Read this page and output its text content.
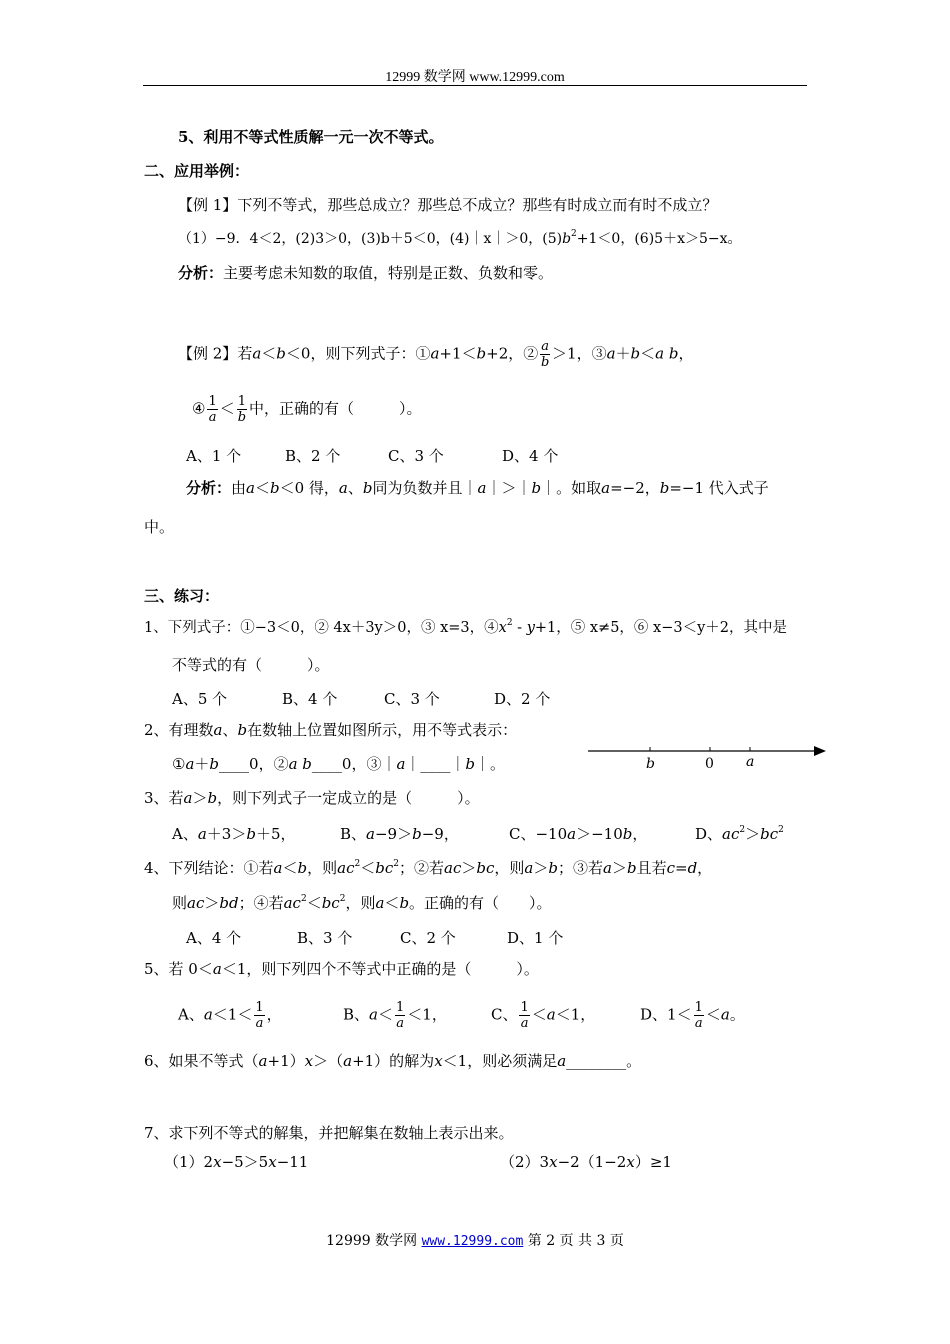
12999 数学网 www.12999.com
5、利用不等式性质解一元一次不等式。
二、应用举例：
【例 1】下列不等式，那些总成立？那些总不成立？那些有时成立而有时不成立？
（1）−9．4＜2，(2)3＞0，(3)b＋5＜0，(4)｜x｜＞0，$(5)b^2+1<0$，(6)5＋x＞5−x。
分析：主要考虑未知数的取值，特别是正数、负数和零。
【例 2】若a＜b＜0，则下列式子：①a+1＜b+2，② $\frac{a}{b} >1$，③a＋b＜a b，
④ $\frac{1}{a} < \frac{1}{b}$ 中，正确的有（　　　）。
A、1 个	B、2 个	C、3 个	D、4 个
分析：由a＜b＜0 得，a、b同为负数并且｜a｜＞｜b｜。如取a=−2，b=−1 代入式子
中。
三、练习：
1、下列式子：①−3＜0，② 4x＋3y＞0，③ x=3，$④x^2 - y+1$，⑤ x≠5，⑥ x−3＜y＋2，其中是
不等式的有（　　　）。
A、5 个	B、4 个	C、3 个	D、2 个
2、有理数a、b在数轴上位置如图所示，用不等式表示：
①a＋b____0，②a b____0，③｜a｜____｜b｜。	b	0 a
3、若a＞b，则下列式子一定成立的是（　　　）。
A、a＋3＞b＋5，	B、a−9＞b−9，	C、−10a＞−10b，	D、$ac^2>bc^2$
4、下列结论：①若a＜b，则$ac^2<bc^2$；②若ac＞bc，则a＞b；③若a＞b且若c=d，
则ac＞bd；④若$ac^2<bc^2$，则a＜b。正确的有（　　）。
A、4 个	B、3 个	C、2 个	D、1 个
5、若 0＜a＜1，则下列四个不等式中正确的是（　　　）。
A、$a<1< \frac{1}{a}$ ，	B、$a< \frac{1}{a} <1$，	C、 $\frac{1}{a} <a<1$，	D、$1< \frac{1}{a} <a$。
6、如果不等式（a+1）x＞（a+1）的解为x＜1，则必须满足a________。
7、求下列不等式的解集，并把解集在数轴上表示出来。
（1）2x−5＞5x−11	（2）3x−2（1−2x）≥1
12999 数学网 www.12999.com 第 2 页 共 3 页
